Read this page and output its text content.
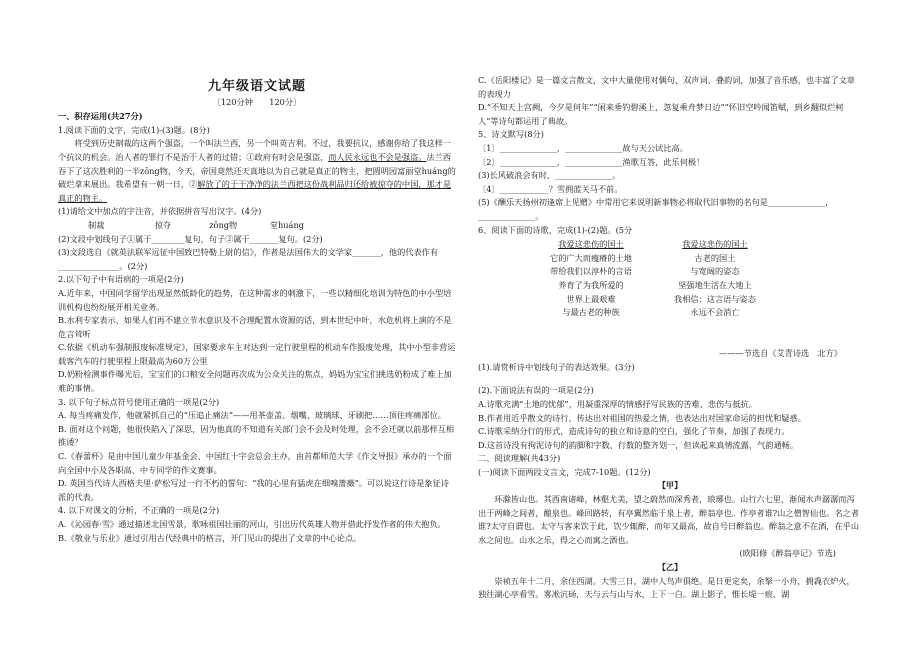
九年级语文试题
〔120分钟　　120分〕

一、积存运用(共27分)

1.阅读下面的文字，完成(1)-(3)题。(8分)

将受到历史制裁的这两个强盗，一个叫法兰西，另一个叫英吉利。不过，我要抗议，感谢你给了我这样一个抗议的机会。治人者的罪行不是治于人者的过错；①政府有时会是强盗，而人民永远也不会是强盗。法兰西吞下了这次胜利的一半zōng物，今天，帝国竟然还天真地以为自己就是真正的物主，把圆明园富丽堂huáng的破烂拿来展出。我希望有一朝一日，②解放了的于干净净的法兰西把这份战利品归还给被掠夺的中国，那才是真正的物主。

(1)请给文中加点的字注音，并依据拼音写出汉字。(4分)

制裁	掠夺	zōng物	堂huáng

(2)文段中划线句子①属于________复句，句子②属于_______复句。(2分)

(3)文段选自《就英法联军远征中国致巴特勒上尉的信》，作者是法国伟大的文学家_______，他的代表作有_______________。(2分)

2.以下句子中有语病的一项是(2分)

A.近年来，中国同学留学出现显然低龄化的趋势，在这种需求的刺激下，一些以精细化培训为特色的中小型培训机构也纷纷展开相关业务。

B.水利专家表示，如果人们再不建立节水意识及不合理配置水资源的话，到本世纪中叶，水危机将上演的不是危言耸听

C.依据《机动车强制报废标准规定》，国家要求车主对达到一定行驶里程的机动车作报废处理，其中小型非营运载客汽车的行驶里程上限最高为60万公里

D.奶粉检测事件曝光后，宝宝们的口粮安全问题再次成为公众关注的焦点，妈妈为宝宝们挑选奶粉成了难上加难的事情。

3. 以下句子标点符号使用正确的一项是(2分)

A. 每当疼痛发作，他就紧抓自己的“压追止痛法”——用茶壶盖、烟嘴、玻璃球、牙刷把……顶住疼痛部位。

B. 面对这个问题，他很快陷入了深思，因为他真的不知道有关部门会不会及时处理，会不会迁就以前那样互相推诿？

C.《春蕾杯》是由中国儿童少年基金会、中国红十字会总会主办，由首都师范大学《作文导报》承办的一个面向全国中小及各职高、中专同学的作文赛事。

D. 英国当代诗人西格夫里·萨松写过一行不朽的誓句：“我的心里有猛虎在细嗅蔷薇”。可以说这行诗是象征诗派的代表。

4. 以下对课文的分析，不正确的一项是(2分)

A.《沁园春·雪》通过描述北国雪景，歌咏祖国壮丽的河山，引出历代英雄人物并借此抒发作者的伟大抱负。

B.《敬业与乐业》通过引用古代经典中的格言，开门见山的提出了文章的中心论点。

C.《岳阳楼记》是一篇文言散文，文中大量使用对偶句、双声词、叠韵词，加强了音乐感，也丰富了文章的表现力

D.“不知天上宫阙，今夕是何年”“闲来垂钓碧溪上，忽复乘舟梦日边”“怀旧空吟闻笛赋，到乡翻似烂柯人”等诗句都运用了典故。

5、诗文默写(8分)

〔1〕______________，______________故与天公试比高。

〔2〕______________，______________渔歌互答，此乐何极！

(3)长风破浪会有时，______________。

〔4〕____________？雪拥蓝关马不前。

(5)《酬乐天扬州初逢席上见赠》中常用它来说明新事物必将取代旧事物的名句是______________，______________。

6、阅读下面的诗歌，完成(1)-(2)题。(5分

我爱这悲伤的国土
它的广大而瘦瘠的土地
带给我们以淳朴的言语
养育了为我所爱的
世界上最艰难
与最古老的种族
我爱这悲伤的国土
古老的国土
与宽阔的姿态
坚强地生活在大地上
我相信：这言语与姿态
永远不会消亡

———节选自《艾青诗选　北方》

(1).请赏析诗中划线句子的表达效果。(3分)

(2).下面说法有误的一项是(2分)

A.诗歌充满“土地的忧郁”，用凝重深厚的情感抒写民族的苦难、悲伤与抵抗。

B.作者用近乎散文的诗行，传达出对祖国的热爱之情，也表达出对国家命运的担忧和疑惑。

C.诗歌采纳分行的形式，造成诗句的独立和诗意的空白，强化了节奏，加强了表现力。

D.这首诗没有拘泥诗句的韵脚和字数、行数的整齐划一，但读起来真情流露，气韵通畅。

二、阅读理解(共43分)

(一)阅读下面两段文言文，完成7-10题。(12分)

【甲】

环滁皆山也。其西南诸峰，林壑尤美，望之蔚然而深秀者，琅琊也。山行六七里，渐闻水声潺潺而泻出于两峰之间者，酿泉也。峰回路转，有亭翼然临于泉上者，醉翁亭也。作亭者谁?山之僧智仙也。名之者谁?太守自谓也。太守与客来饮于此，饮少辄醉，而年又最高，故自号曰醉翁也。醉翁之意不在酒，在乎山水之间也。山水之乐，得之心而寓之酒也。

(欧阳修《醉翁亭记》节选)

【乙】

崇祯五年十二月，余住西湖。大雪三日，湖中人鸟声俱绝。是日更定矣，余拏一小舟，拥毳衣炉火，独往湖心亭看雪。雾凇沆砀，天与云与山与水，上下一白。湖上影子，惟长堤一痕、湖
